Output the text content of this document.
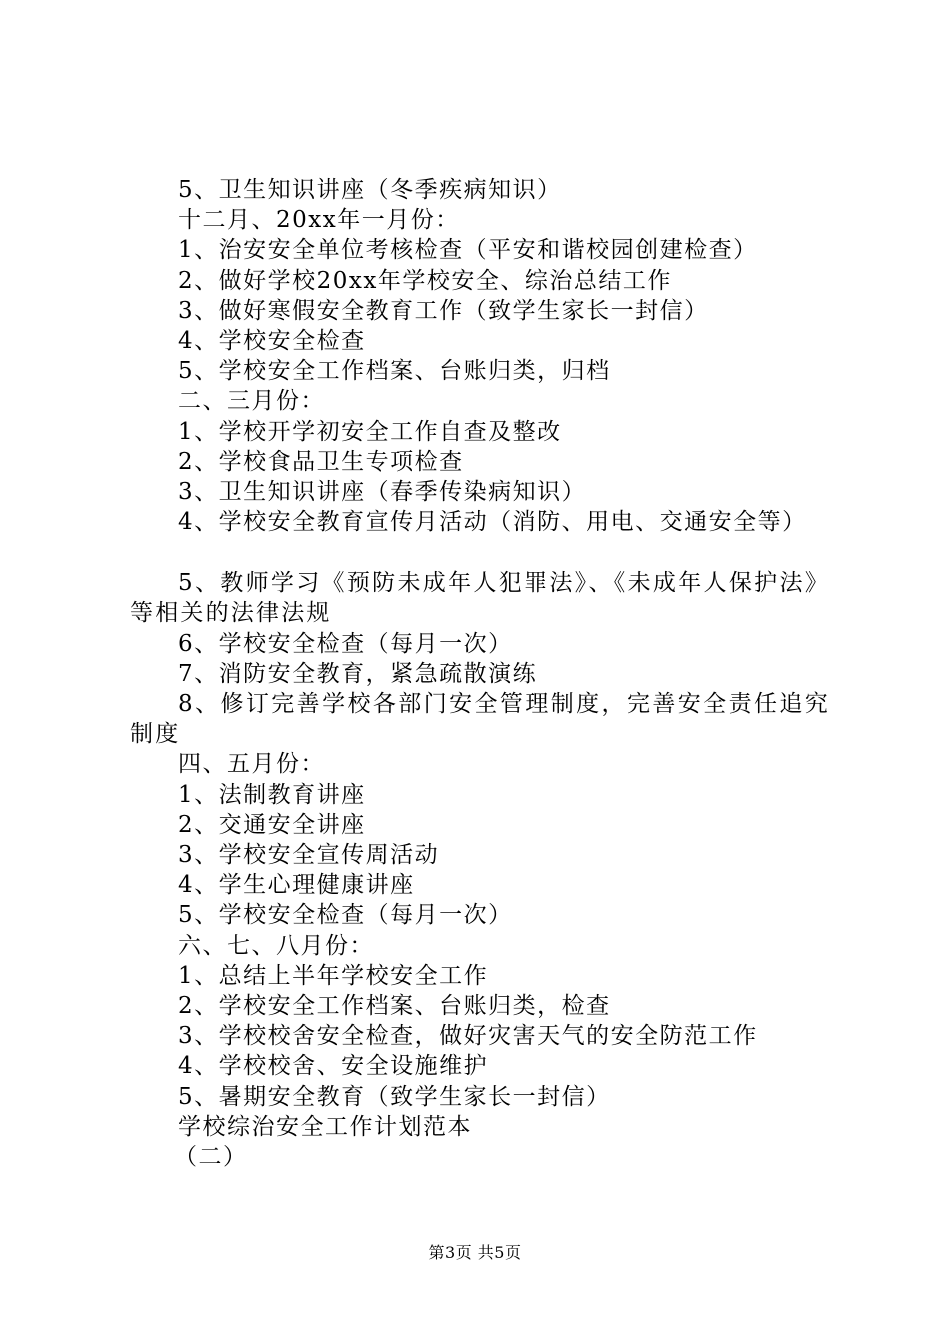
5、卫生知识讲座（冬季疾病知识）
十二月、20xx年一月份：
1、治安安全单位考核检查（平安和谐校园创建检查）
2、做好学校20xx年学校安全、综治总结工作
3、做好寒假安全教育工作（致学生家长一封信）
4、学校安全检查
5、学校安全工作档案、台账归类，归档
二、三月份：
1、学校开学初安全工作自查及整改
2、学校食品卫生专项检查
3、卫生知识讲座（春季传染病知识）
4、学校安全教育宣传月活动（消防、用电、交通安全等）
5、教师学习《预防未成年人犯罪法》、《未成年人保护法》等相关的法律法规
6、学校安全检查（每月一次）
7、消防安全教育，紧急疏散演练
8、修订完善学校各部门安全管理制度，完善安全责任追究制度
四、五月份：
1、法制教育讲座
2、交通安全讲座
3、学校安全宣传周活动
4、学生心理健康讲座
5、学校安全检查（每月一次）
六、七、八月份：
1、总结上半年学校安全工作
2、学校安全工作档案、台账归类，检查
3、学校校舍安全检查，做好灾害天气的安全防范工作
4、学校校舍、安全设施维护
5、暑期安全教育（致学生家长一封信）
学校综治安全工作计划范本
（二）
第3页 共5页
